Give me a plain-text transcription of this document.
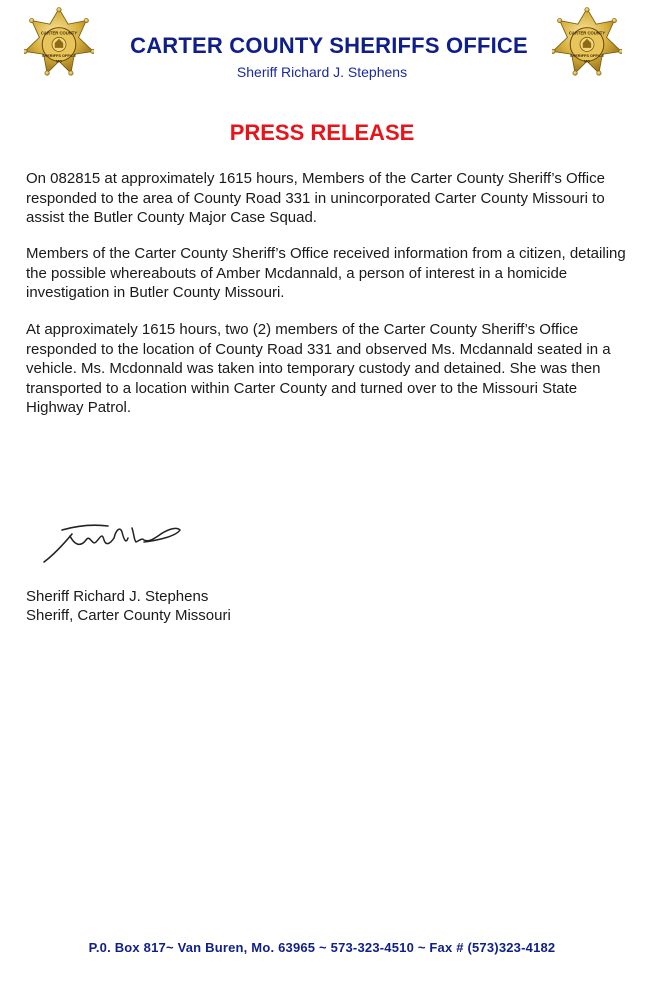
CARTER COUNTY
SHERIFFS OFFICE
MO
CARTER COUNTY
SHERIFFS OFFICE
MO
CARTER COUNTY SHERIFFS OFFICE
Sheriff Richard J. Stephens
PRESS RELEASE

On 082815 at approximately 1615 hours, Members of the Carter County Sheriff’s Office responded to the area of County Road 331 in unincorporated Carter County Missouri to assist the Butler County Major Case Squad.

Members of the Carter County Sheriff’s Office received information from a citizen, detailing the possible whereabouts of Amber Mcdannald, a person of interest in a homicide investigation in Butler County Missouri.

At approximately 1615 hours, two (2) members of the Carter County Sheriff’s Office responded to the location of County Road 331 and observed Ms. Mcdannald seated in a vehicle. Ms. Mcdonnald was taken into temporary custody and detained. She was then transported to a location within Carter County and turned over to the Missouri State Highway Patrol.

Sheriff Richard J. Stephens
Sheriff, Carter County Missouri
P.0. Box 817~ Van Buren, Mo. 63965 ~ 573-323-4510 ~ Fax # (573)323-4182
